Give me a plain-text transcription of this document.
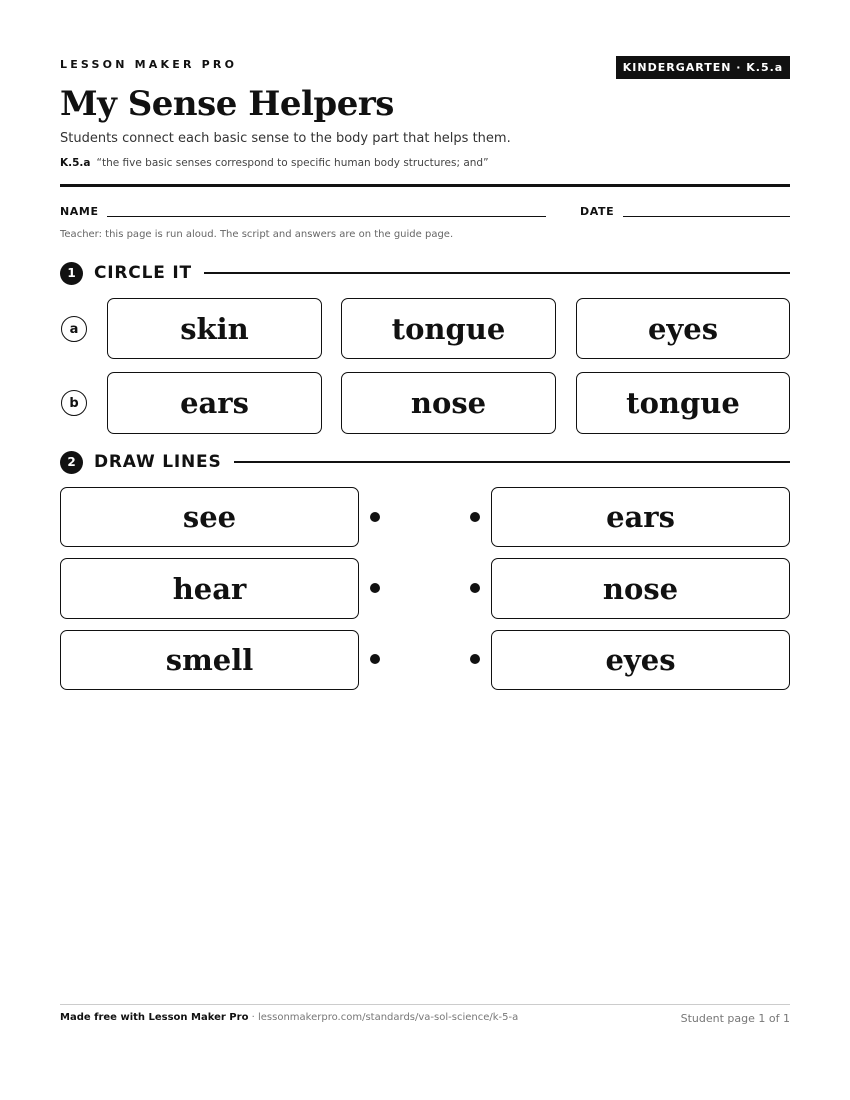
LESSON MAKER PRO	KINDERGARTEN · K.5.a
My Sense Helpers
Students connect each basic sense to the body part that helps them.
K.5.a “the five basic senses correspond to specific human body structures; and”
NAME	DATE
Teacher: this page is run aloud. The script and answers are on the guide page.
1	CIRCLE IT
a	skin	tongue	eyes
b	ears	nose	tongue
2	DRAW LINES
see	ears
hear	nose
smell	eyes
Made free with Lesson Maker Pro · lessonmakerpro.com/standards/va-sol-science/k-5-a	Student page 1 of 1
